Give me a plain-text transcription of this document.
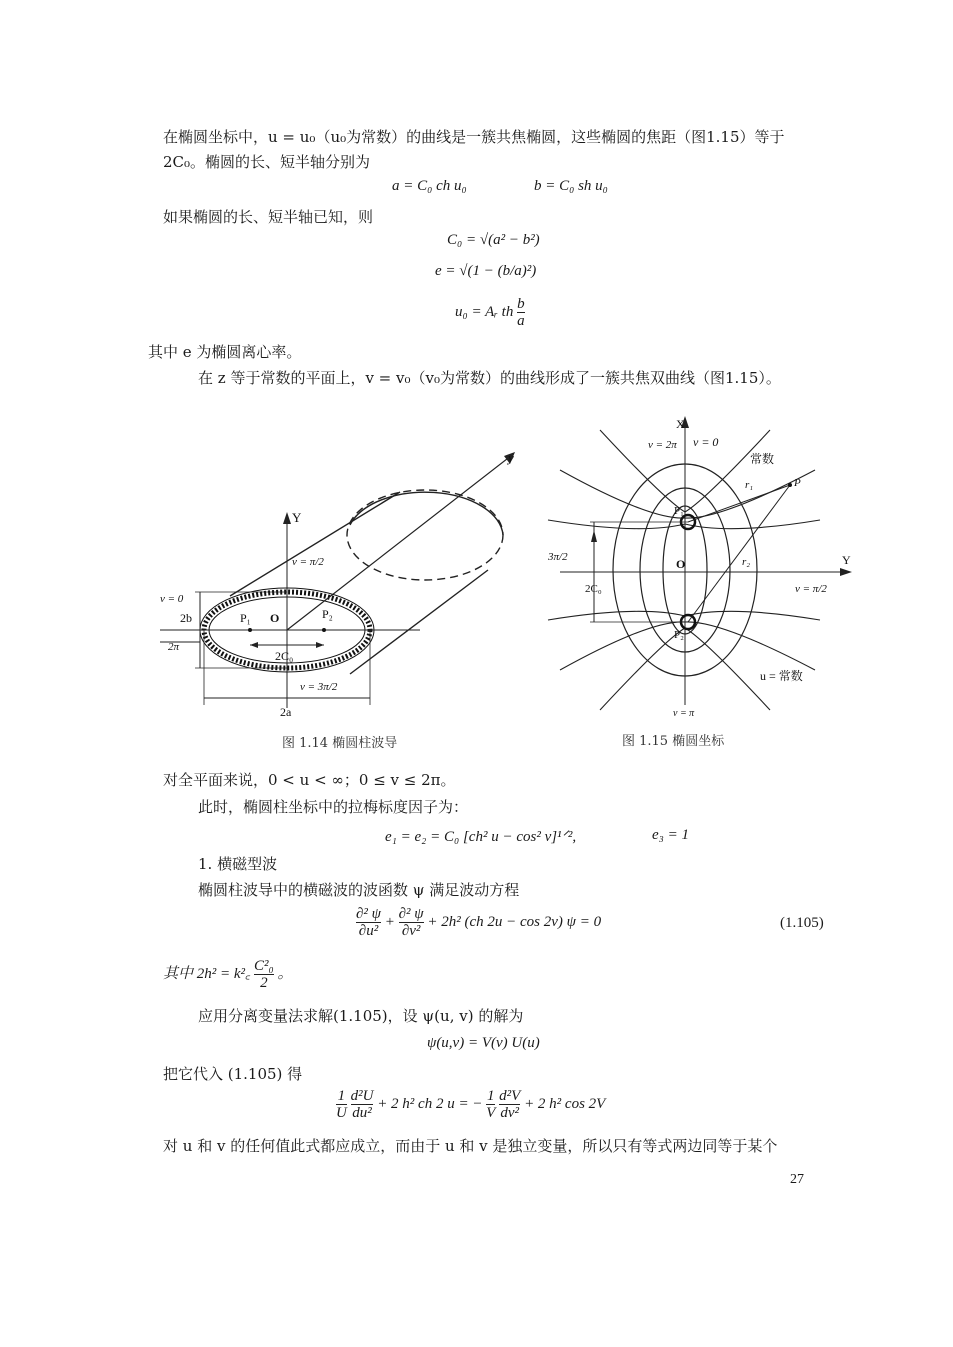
在椭圆坐标中，u = u₀（u₀为常数）的曲线是一簇共焦椭圆，这些椭圆的焦距（图1.15）等于
2C₀。椭圆的长、短半轴分别为
a = C₀ ch u₀	b = C₀ sh u₀
如果椭圆的长、短半轴已知，则
C₀ = √(a² − b²)
e = √(1 − (b/a)²)
u₀ = Aᵣ th $\frac{b}{a}$
其中 e 为椭圆离心率。
在 z 等于常数的平面上，v = v₀（v₀为常数）的曲线形成了一簇共焦双曲线（图1.15）。
Y
y
v = π/2
v = 0
2b
2π
P₁ O	P₂
2C₀
v = 3π/2
2a
图 1.14 椭圆柱波导
X
v = 2π v = 0
常数
r₁	P
P₁
3π/2	O	r₂	Y
2C₀	v = π/2
P₂
u = 常数
v = π
图 1.15 椭圆坐标
对全平面来说，0 < u < ∞；0 ≤ v ≤ 2π。
此时，椭圆柱坐标中的拉梅标度因子为：
e₁ = e₂ = C₀ [ch² u − cos² v]¹ᐟ²,	e₃ = 1
1. 横磁型波
椭圆柱波导中的横磁波的波函数 ψ 满足波动方程
$\frac{\text{∂² ψ}}{\text{∂u²}} + \frac{\text{∂² ψ}}{\text{∂v²}} + 2h^2$ (ch 2u − cos 2v) ψ = 0	(1.105)
其中 2h² = k²꜀ $\frac{\text{C²₀}}{2}$ 。
应用分离变量法求解(1.105)，设 ψ(u, v) 的解为
ψ(u,v) = V(v) U(u)
把它代入 (1.105) 得
$\frac{1}{U}$
$\frac{\text{d²U}}{\text{du²}} + 2$ h² ch 2 u = − $\frac{1}{V}$
$\frac{\text{d²V}}{\text{dv²}} + 2$ h² cos 2V
对 u 和 v 的任何值此式都应成立，而由于 u 和 v 是独立变量，所以只有等式两边同等于某个
27
